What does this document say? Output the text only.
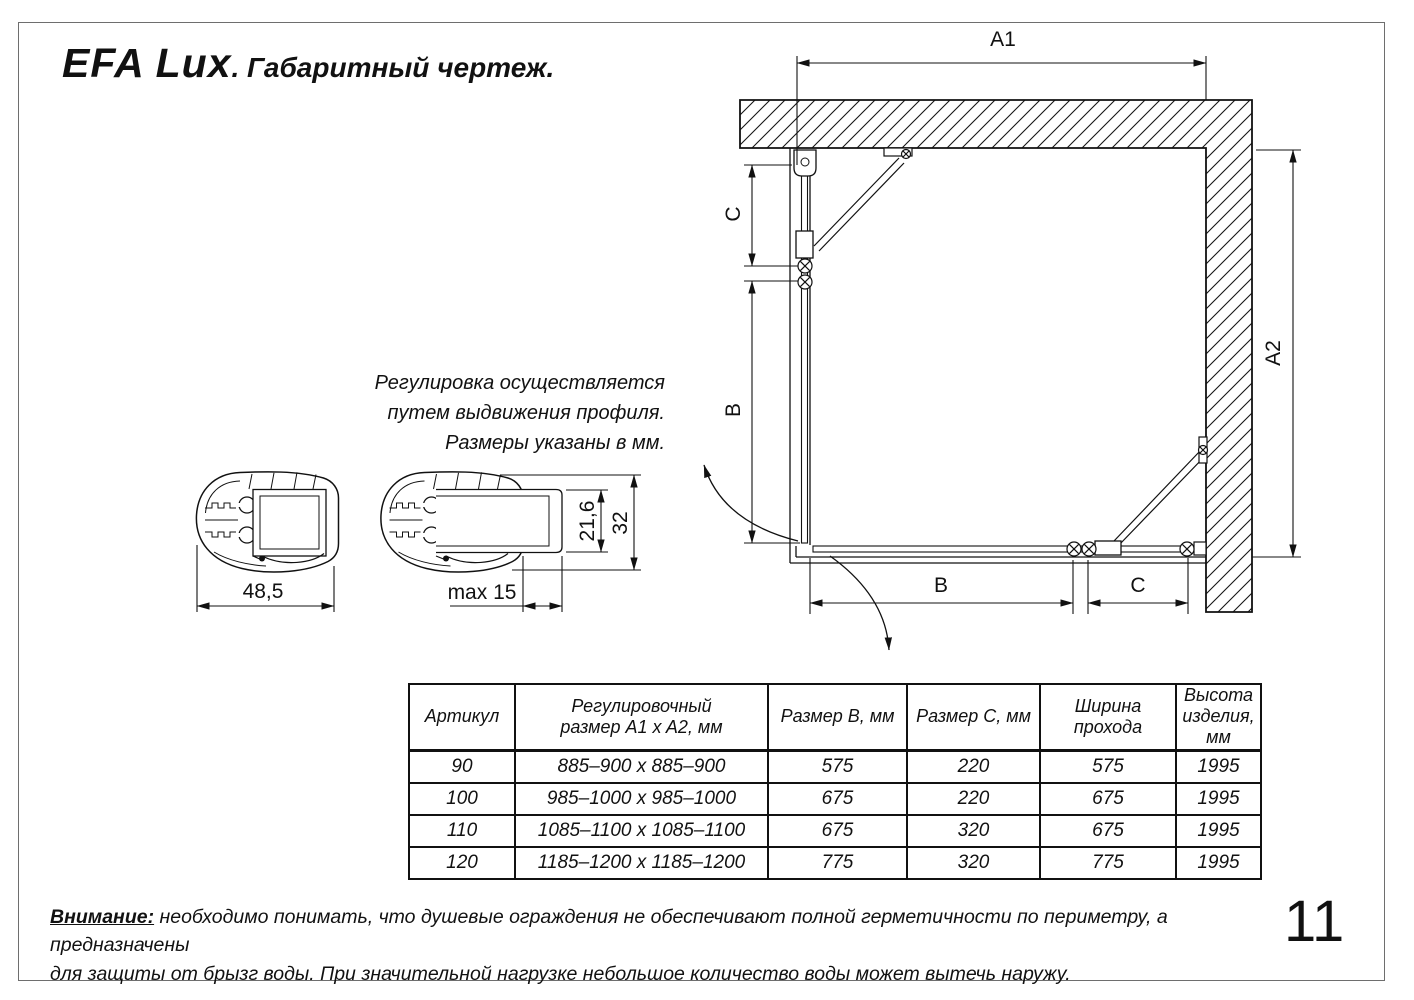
EFA Lux. Габаритный чертеж.
Регулировка осуществляется
путем выдвижения профиля.
Размеры указаны в мм.
A1
A2
C
B
B	C
48,5	max 15
21,6 32
Артикул	Регулировочный размер A1 x A2, мм	Размер B, мм	Размер C, мм	Ширина прохода	Высота изделия, мм
90	885–900 x 885–900	575	220	575	1995
100	985–1000 x 985–1000	675	220	675	1995
110	1085–1100 x 1085–1100	675	320	675	1995
120	1185–1200 x 1185–1200	775	320	775	1995
Внимание: необходимо понимать, что душевые ограждения не обеспечивают полной герметичности по периметру, а предназначены
для защиты от брызг воды. При значительной нагрузке небольшое количество воды может вытечь наружу.
11
